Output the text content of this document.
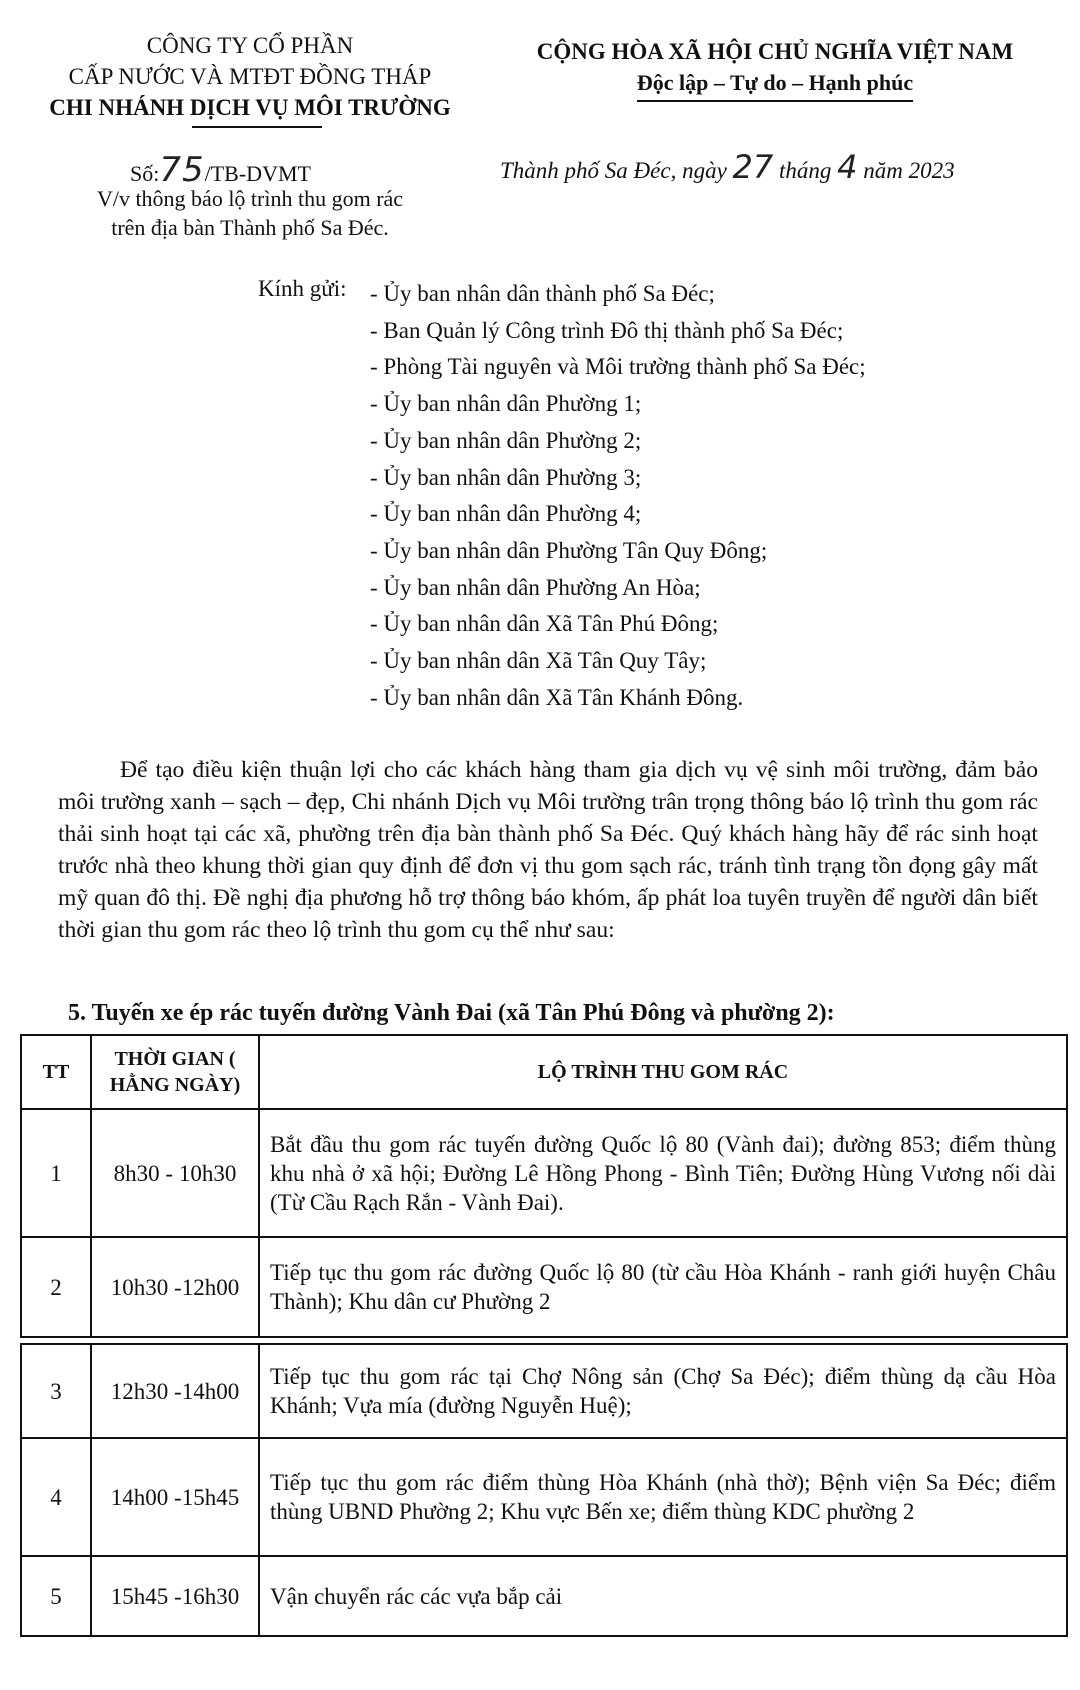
CÔNG TY CỔ PHẦN
CẤP NƯỚC VÀ MTĐT ĐỒNG THÁP
CHI NHÁNH DỊCH VỤ MÔI TRƯỜNG
CỘNG HÒA XÃ HỘI CHỦ NGHĨA VIỆT NAM
Độc lập – Tự do – Hạnh phúc
Số:75/TB-DVMT
V/v thông báo lộ trình thu gom rác
trên địa bàn Thành phố Sa Đéc.
Thành phố Sa Đéc, ngày 27 tháng 4 năm 2023
Kính gửi: - Ủy ban nhân dân thành phố Sa Đéc;
- Ban Quản lý Công trình Đô thị thành phố Sa Đéc;
- Phòng Tài nguyên và Môi trường thành phố Sa Đéc;
- Ủy ban nhân dân Phường 1;
- Ủy ban nhân dân Phường 2;
- Ủy ban nhân dân Phường 3;
- Ủy ban nhân dân Phường 4;
- Ủy ban nhân dân Phường Tân Quy Đông;
- Ủy ban nhân dân Phường An Hòa;
- Ủy ban nhân dân Xã Tân Phú Đông;
- Ủy ban nhân dân Xã Tân Quy Tây;
- Ủy ban nhân dân Xã Tân Khánh Đông.
Để tạo điều kiện thuận lợi cho các khách hàng tham gia dịch vụ vệ sinh môi trường, đảm bảo môi trường xanh – sạch – đẹp, Chi nhánh Dịch vụ Môi trường trân trọng thông báo lộ trình thu gom rác thải sinh hoạt tại các xã, phường trên địa bàn thành phố Sa Đéc. Quý khách hàng hãy để rác sinh hoạt trước nhà theo khung thời gian quy định để đơn vị thu gom sạch rác, tránh tình trạng tồn đọng gây mất mỹ quan đô thị. Đề nghị địa phương hỗ trợ thông báo khóm, ấp phát loa tuyên truyền để người dân biết thời gian thu gom rác theo lộ trình thu gom cụ thể như sau:
5. Tuyến xe ép rác tuyến đường Vành Đai (xã Tân Phú Đông và phường 2):
TT	THỜI GIAN ( HẰNG NGÀY)	LỘ TRÌNH THU GOM RÁC
1	8h30 - 10h30	Bắt đầu thu gom rác tuyến đường Quốc lộ 80 (Vành đai); đường 853; điểm thùng khu nhà ở xã hội; Đường Lê Hồng Phong - Bình Tiên; Đường Hùng Vương nối dài (Từ Cầu Rạch Rắn - Vành Đai).
2	10h30 -12h00	Tiếp tục thu gom rác đường Quốc lộ 80 (từ cầu Hòa Khánh - ranh giới huyện Châu Thành); Khu dân cư Phường 2
3	12h30 -14h00	Tiếp tục thu gom rác tại Chợ Nông sản (Chợ Sa Đéc); điểm thùng dạ cầu Hòa Khánh; Vựa mía (đường Nguyễn Huệ);
4	14h00 -15h45	Tiếp tục thu gom rác điểm thùng Hòa Khánh (nhà thờ); Bệnh viện Sa Đéc; điểm thùng UBND Phường 2; Khu vực Bến xe; điểm thùng KDC phường 2
5	15h45 -16h30	Vận chuyển rác các vựa bắp cải
